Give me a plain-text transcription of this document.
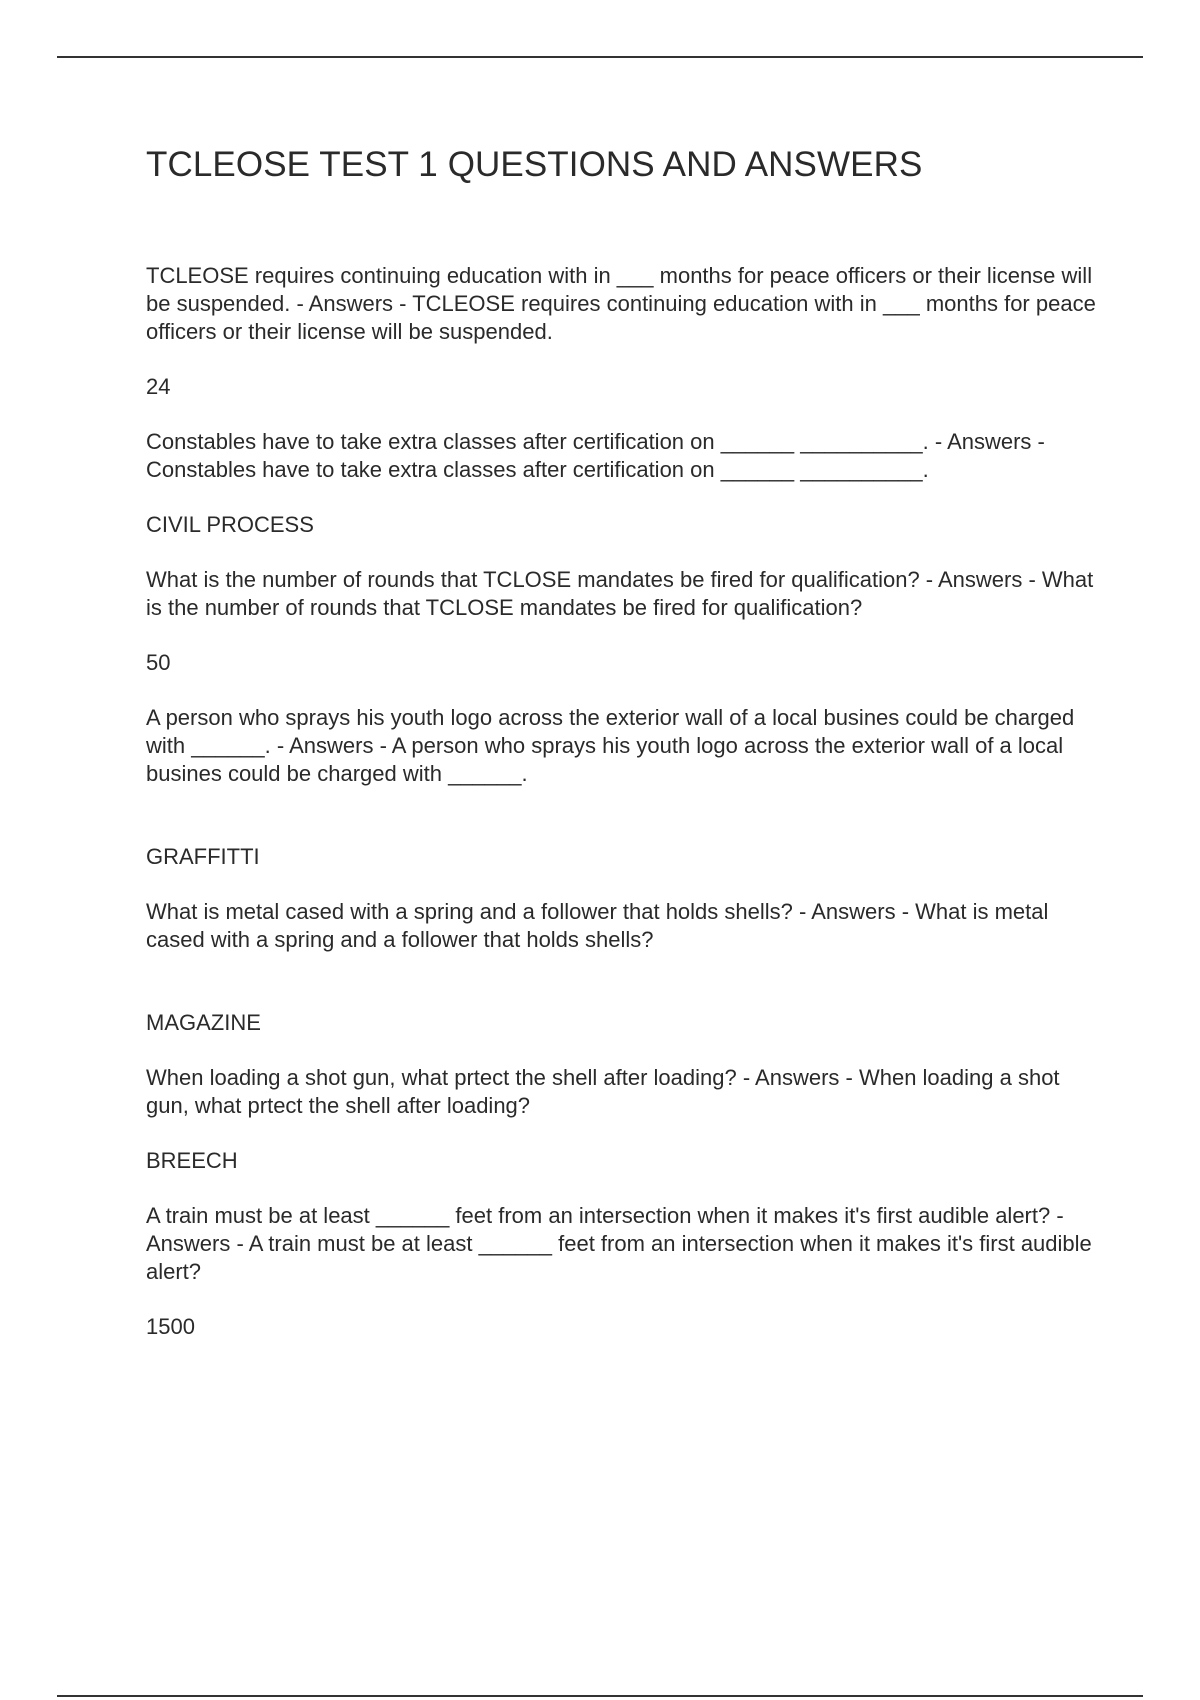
TCLEOSE TEST 1 QUESTIONS AND ANSWERS

TCLEOSE requires continuing education with in ___ months for peace officers or their license will be suspended. - Answers - TCLEOSE requires continuing education with in ___ months for peace officers or their license will be suspended.

24

Constables have to take extra classes after certification on ______ __________. - Answers - Constables have to take extra classes after certification on ______ __________.

CIVIL PROCESS

What is the number of rounds that TCLOSE mandates be fired for qualification? - Answers - What is the number of rounds that TCLOSE mandates be fired for qualification?

50

A person who sprays his youth logo across the exterior wall of a local busines could be charged with ______. - Answers - A person who sprays his youth logo across the exterior wall of a local busines could be charged with ______.

GRAFFITTI

What is metal cased with a spring and a follower that holds shells? - Answers - What is metal cased with a spring and a follower that holds shells?

MAGAZINE

When loading a shot gun, what prtect the shell after loading? - Answers - When loading a shot gun, what prtect the shell after loading?

BREECH

A train must be at least ______ feet from an intersection when it makes it's first audible alert? - Answers - A train must be at least ______ feet from an intersection when it makes it's first audible alert?

1500
